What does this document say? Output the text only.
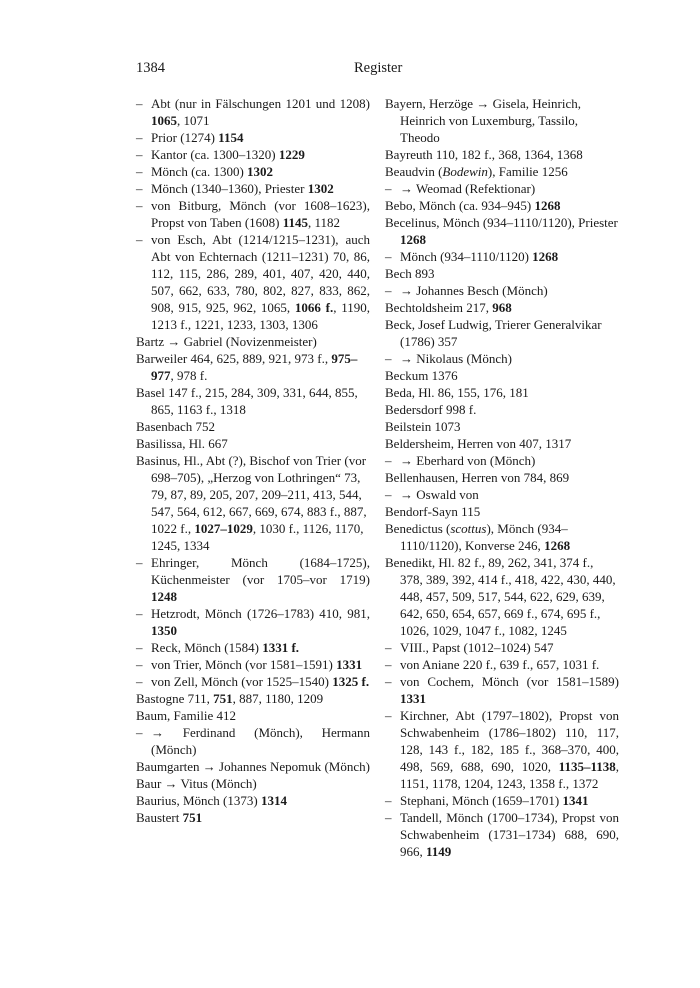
1384	Register
– Abt (nur in Fälschungen 1201 und 1208) 1065, 1071
– Prior (1274) 1154
– Kantor (ca. 1300–1320) 1229
– Mönch (ca. 1300) 1302
– Mönch (1340–1360), Priester 1302
– von Bitburg, Mönch (vor 1608–1623), Propst von Taben (1608) 1145, 1182
– von Esch, Abt (1214/1215–1231), auch Abt von Echternach (1211–1231) 70, 86, 112, 115, 286, 289, 401, 407, 420, 440, 507, 662, 633, 780, 802, 827, 833, 862, 908, 915, 925, 962, 1065, 1066 f., 1190, 1213 f., 1221, 1233, 1303, 1306
Bartz → Gabriel (Novizenmeister)
Barweiler 464, 625, 889, 921, 973 f., 975–977, 978 f.
Basel 147 f., 215, 284, 309, 331, 644, 855, 865, 1163 f., 1318
Basenbach 752
Basilissa, Hl. 667
Basinus, Hl., Abt (?), Bischof von Trier (vor 698–705), „Herzog von Lothringen“ 73, 79, 87, 89, 205, 207, 209–211, 413, 544, 547, 564, 612, 667, 669, 674, 883 f., 887, 1022 f., 1027–1029, 1030 f., 1126, 1170, 1245, 1334
– Ehringer, Mönch (1684–1725), Küchenmeister (vor 1705–vor 1719) 1248
– Hetzrodt, Mönch (1726–1783) 410, 981, 1350
– Reck, Mönch (1584) 1331 f.
– von Trier, Mönch (vor 1581–1591) 1331
– von Zell, Mönch (vor 1525–1540) 1325 f.
Bastogne 711, 751, 887, 1180, 1209
Baum, Familie 412
– → Ferdinand (Mönch), Hermann (Mönch)
Baumgarten → Johannes Nepomuk (Mönch)
Baur → Vitus (Mönch)
Baurius, Mönch (1373) 1314
Baustert 751
Bayern, Herzöge → Gisela, Heinrich, Heinrich von Luxemburg, Tassilo, Theodo
Bayreuth 110, 182 f., 368, 1364, 1368
Beaudvin (Bodewin), Familie 1256
– → Weomad (Refektionar)
Bebo, Mönch (ca. 934–945) 1268
Becelinus, Mönch (934–1110/1120), Priester 1268
– Mönch (934–1110/1120) 1268
Bech 893
– → Johannes Besch (Mönch)
Bechtoldsheim 217, 968
Beck, Josef Ludwig, Trierer Generalvikar (1786) 357
– → Nikolaus (Mönch)
Beckum 1376
Beda, Hl. 86, 155, 176, 181
Bedersdorf 998 f.
Beilstein 1073
Beldersheim, Herren von 407, 1317
– → Eberhard von (Mönch)
Bellenhausen, Herren von 784, 869
– → Oswald von
Bendorf-Sayn 115
Benedictus (scottus), Mönch (934–1110/1120), Konverse 246, 1268
Benedikt, Hl. 82 f., 89, 262, 341, 374 f., 378, 389, 392, 414 f., 418, 422, 430, 440, 448, 457, 509, 517, 544, 622, 629, 639, 642, 650, 654, 657, 669 f., 674, 695 f., 1026, 1029, 1047 f., 1082, 1245
– VIII., Papst (1012–1024) 547
– von Aniane 220 f., 639 f., 657, 1031 f.
– von Cochem, Mönch (vor 1581–1589) 1331
– Kirchner, Abt (1797–1802), Propst von Schwabenheim (1786–1802) 110, 117, 128, 143 f., 182, 185 f., 368–370, 400, 498, 569, 688, 690, 1020, 1135–1138, 1151, 1178, 1204, 1243, 1358 f., 1372
– Stephani, Mönch (1659–1701) 1341
– Tandell, Mönch (1700–1734), Propst von Schwabenheim (1731–1734) 688, 690, 966, 1149
